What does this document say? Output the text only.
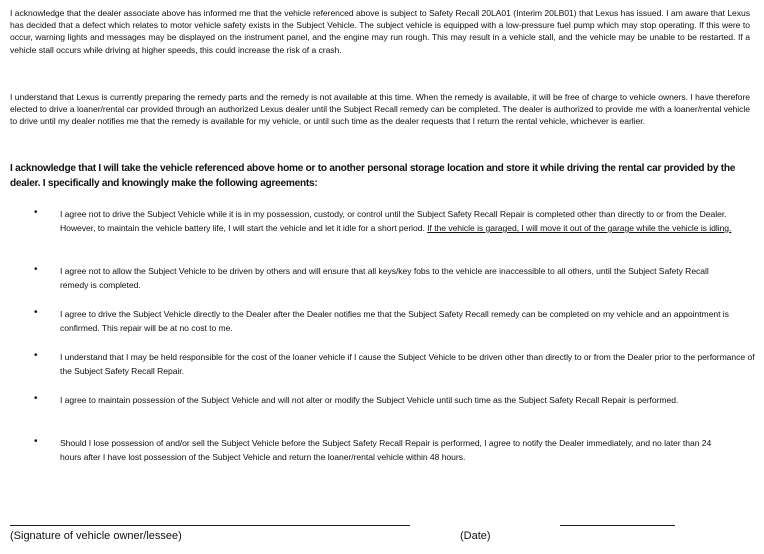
I acknowledge that the dealer associate above has informed me that the vehicle referenced above is subject to Safety Recall 20LA01 (Interim 20LB01) that Lexus has issued. I am aware that Lexus has decided that a defect which relates to motor vehicle safety exists in the Subject Vehicle. The subject vehicle is equipped with a low-pressure fuel pump which may stop operating. If this were to occur, warning lights and messages may be displayed on the instrument panel, and the engine may run rough. This may result in a vehicle stall, and the vehicle may be unable to be restarted. If a vehicle stall occurs while driving at higher speeds, this could increase the risk of a crash.

I understand that Lexus is currently preparing the remedy parts and the remedy is not available at this time. When the remedy is available, it will be free of charge to vehicle owners. I have therefore elected to drive a loaner/rental car provided through an authorized Lexus dealer until the Subject Recall remedy can be completed. The dealer is authorized to provide me with a loaner/rental vehicle to drive until my dealer notifies me that the remedy is available for my vehicle, or until such time as the dealer requests that I return the rental vehicle, whichever is earlier.

I acknowledge that I will take the vehicle referenced above home or to another personal storage location and store it while driving the rental car provided by the dealer. I specifically and knowingly make the following agreements:

•	I agree not to drive the Subject Vehicle while it is in my possession, custody, or control until the Subject Safety Recall Repair is completed other than directly to or from the Dealer. However, to maintain the vehicle battery life, I will start the vehicle and let it idle for a short period. If the vehicle is garaged, I will move it out of the garage while the vehicle is idling.

•	I agree not to allow the Subject Vehicle to be driven by others and will ensure that all keys/key fobs to the vehicle are inaccessible to all others, until the Subject Safety Recall remedy is completed.

•	I agree to drive the Subject Vehicle directly to the Dealer after the Dealer notifies me that the Subject Safety Recall remedy can be completed on my vehicle and an appointment is confirmed. This repair will be at no cost to me.

•	I understand that I may be held responsible for the cost of the loaner vehicle if I cause the Subject Vehicle to be driven other than directly to or from the Dealer prior to the performance of the Subject Safety Recall Repair.

•	I agree to maintain possession of the Subject Vehicle and will not alter or modify the Subject Vehicle until such time as the Subject Safety Recall Repair is performed.

•	Should I lose possession of and/or sell the Subject Vehicle before the Subject Safety Recall Repair is performed, I agree to notify the Dealer immediately, and no later than 24 hours after I have lost possession of the Subject Vehicle and return the loaner/rental vehicle within 48 hours.

(Signature of vehicle owner/lessee)	(Date)
